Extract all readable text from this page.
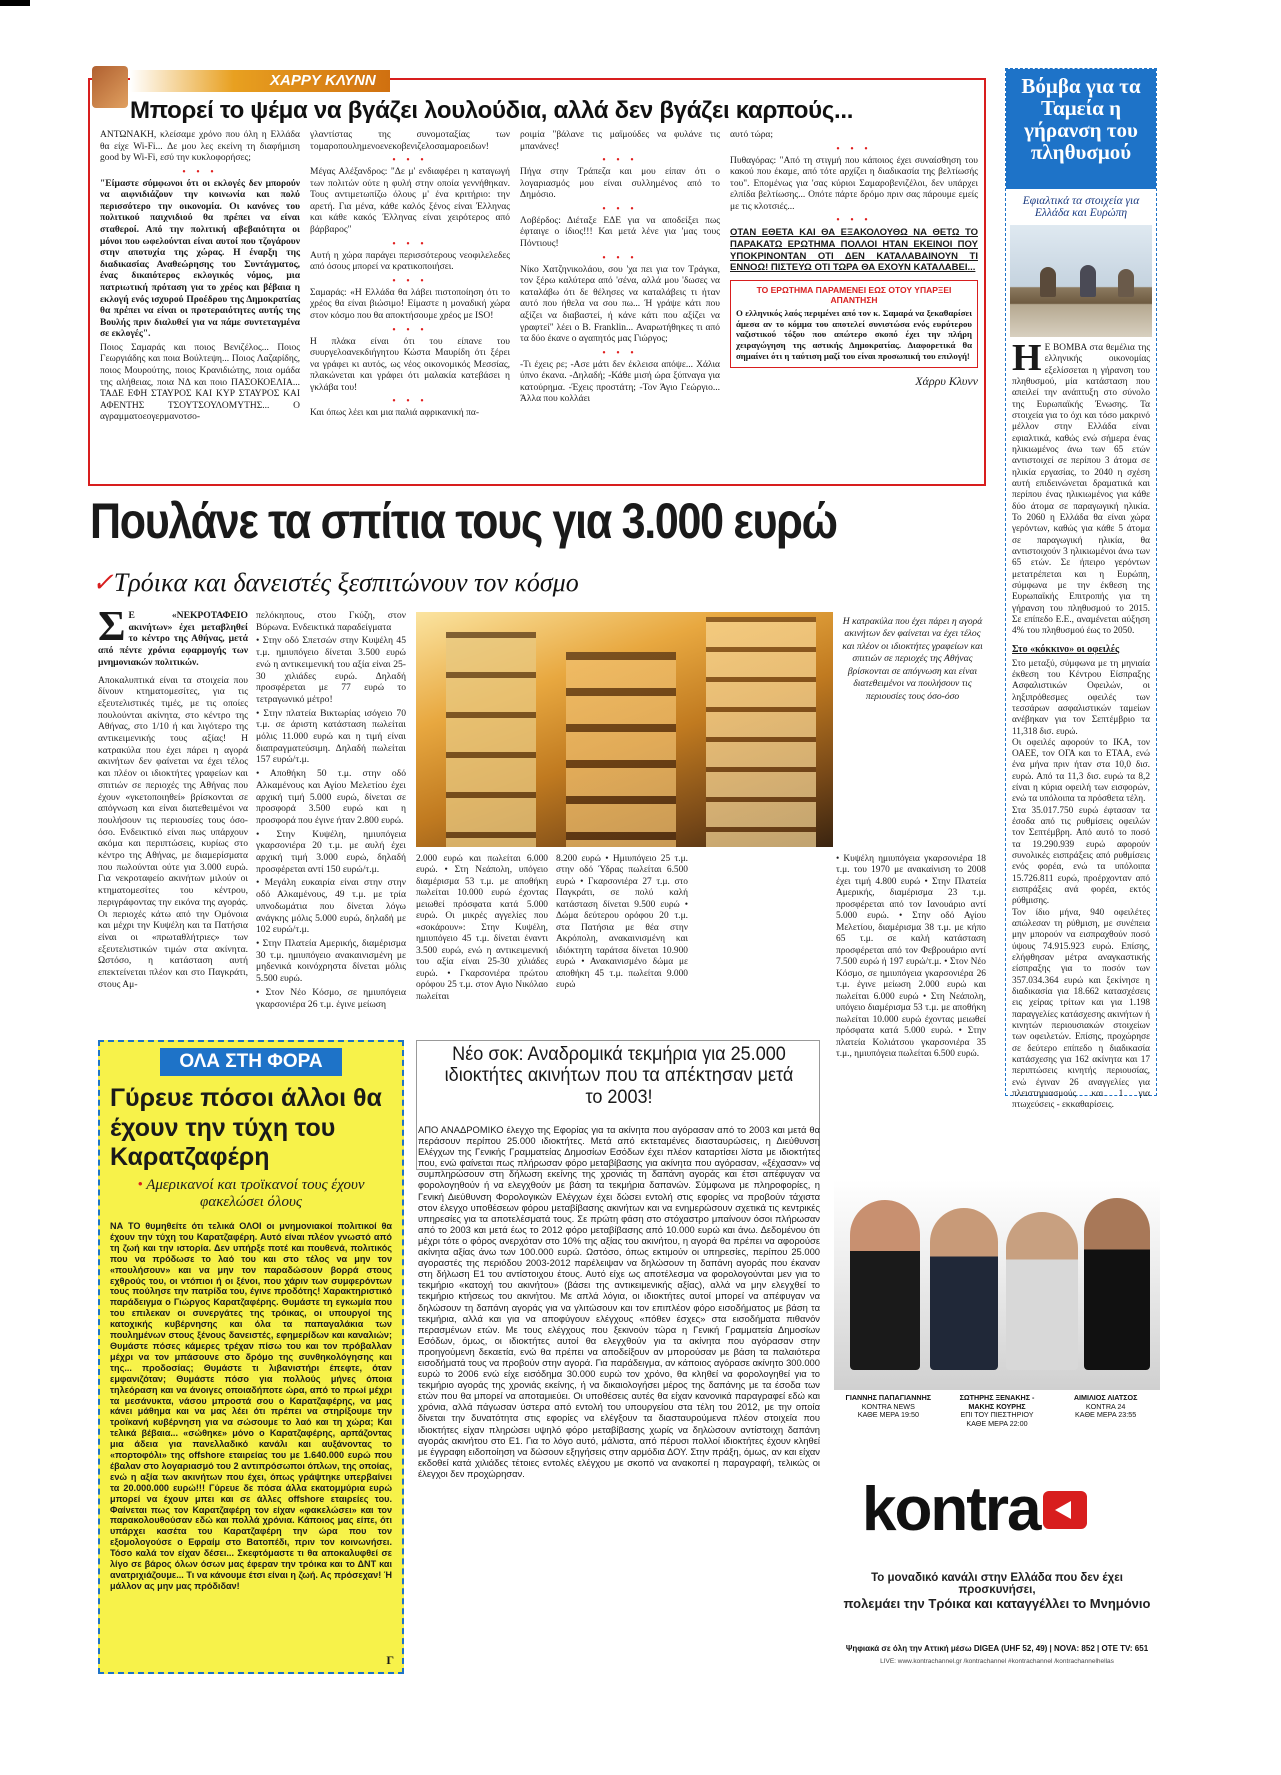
ΧΑΡΡΥ ΚΛΥΝΝ
Μπορεί το ψέμα να βγάζει λουλούδια, αλλά δεν βγάζει καρπούς...

ΑΝΤΩΝΑΚΗ, κλείσαμε χρόνο που όλη η Ελλάδα θα είχε Wi-Fi... Δε μου λες εκείνη τη διαφήμιση good by Wi-Fi, εσύ την κυκλοφορήσες;

• • •

"Είμαστε σύμφωνοι ότι οι εκλογές δεν μπορούν να αιφνιδιάζουν την κοινωνία και πολύ περισσότερο την οικονομία. Οι κανόνες του πολιτικού παιχνιδιού θα πρέπει να είναι σταθεροί. Από την πολιτική αβεβαιότητα οι μόνοι που ωφελούνται είναι αυτοί που τζογάρουν στην αποτυχία της χώρας. Η έναρξη της διαδικασίας Αναθεώρησης του Συντάγματος, ένας δικαιότερος εκλογικός νόμος, μια πατριωτική πρόταση για το χρέος και βέβαια η εκλογή ενός ισχυρού Προέδρου της Δημοκρατίας θα πρέπει να είναι οι προτεραιότητες αυτής της Βουλής πριν διαλυθεί για να πάμε συντεταγμένα σε εκλογές".

Ποιος Σαμαράς και ποιος Βενιζέλος... Ποιος Γεωργιάδης και ποια Βούλτεψη... Ποιος Λαζαρίδης, ποιος Μουρούτης, ποιος Κρανιδιώτης, ποια ομάδα της αλήθειας, ποια ΝΔ και ποιο ΠΑΣΟΚΟΕΛΙΑ... ΤΑΔΕ ΕΦΗ ΣΤΑΥΡΟΣ ΚΑΙ ΚΥΡ ΣΤΑΥΡΟΣ ΚΑΙ ΑΦΕΝΤΗΣ ΤΣΟΥΤΣΟΥΛΟΜΥΤΗΣ... Ο αγραμματοεογερμανοτσο-

γλαντίστας της συνομοταξίας των τομαροπουλημενοενεκοβενιζελοσαμαροειδων!

• • •

Μέγας Αλέξανδρος: "Δε μ' ενδιαφέρει η καταγωγή των πολιτών ούτε η φυλή στην οποία γεννήθηκαν. Τους αντιμετωπίζω όλους μ' ένα κριτήριο: την αρετή. Για μένα, κάθε καλός ξένος είναι Έλληνας και κάθε κακός Έλληνας είναι χειρότερος από βάρβαρος"

• • •

Αυτή η χώρα παράγει περισσότερους νεοφιλελεδες από όσους μπορεί να κρατικοποιήσει.

• • •

Σαμαράς: «Η Ελλάδα θα λάβει πιστοποίηση ότι το χρέος θα είναι βιώσιμο! Είμαστε η μοναδική χώρα στον κόσμο που θα αποκτήσουμε χρέος με ISO!

• • •

Η πλάκα είναι ότι του είπανε του συυργελοανεκδιήγητου Κώστα Μαυρίδη ότι ξέρει να γράφει κι αυτός, ως νέος οικονομικός Μεσσίας, πλακώνεται και γράφει ότι μαλακία κατεβάσει η γκλάβα του!

• • •

Και όπως λέει και μια παλιά αφρικανική πα-

ροιμία "βάλανε τις μαϊμούδες να φυλάνε τις μπανάνες!

• • •

Πήγα στην Τράπεζα και μου είπαν ότι ο λογαριασμός μου είναι συλλημένος από το Δημόσιο.

• • •

Λοβέρδος: Διέταξε ΕΔΕ για να αποδείξει πως έφταιγε ο ίδιος!!! Και μετά λένε για 'μας τους Πόντιους!

• • •

Νίκο Χατζηνικολάου, σου 'χα πει για τον Τράγκα, τον ξέρω καλύτερα από 'σένα, αλλά μου 'δωσες να καταλάβω ότι δε θέλησες να καταλάβεις τι ήταν αυτό που ήθελα να σου πω... Ή γράψε κάτι που αξίζει να διαβαστεί, ή κάνε κάτι που αξίζει να γραφτεί" λέει ο Β. Franklin... Αναρωτήθηκες τι από τα δύο έκανε ο αγαπητός μας Γιώργος;

• • •

-Τι έχεις ρε; -Ασε μάτι δεν έκλεισα απόψε... Χάλια ύπνο έκανα. -Δηλαδή; -Κάθε μισή ώρα ξύπναγα για κατούρημα. -Έχεις προστάτη; -Τον Άγιο Γεώργιο... Άλλα που κολλάει

αυτό τώρα;

• • •

Πυθαγόρας: "Από τη στιγμή που κάποιος έχει συναίσθηση του κακού που έκαμε, από τότε αρχίζει η διαδικασία της βελτίωσής του". Επομένως για 'σας κύριοι Σαμαροβενιζέλοι, δεν υπάρχει ελπίδα βελτίωσης... Οπότε πάρτε δρόμο πριν σας πάρουμε εμείς με τις κλοτσιές...

• • •

ΟΤΑΝ ΕΘΕΤΑ ΚΑΙ ΘΑ ΕΞΑΚΟΛΟΥΘΩ ΝΑ ΘΕΤΩ ΤΟ ΠΑΡΑΚΑΤΩ ΕΡΩΤΗΜΑ ΠΟΛΛΟΙ ΗΤΑΝ ΕΚΕΙΝΟΙ ΠΟΥ ΥΠΟΚΡΙΝΟΝΤΑΝ ΟΤΙ ΔΕΝ ΚΑΤΑΛΑΒΑΙΝΟΥΝ ΤΙ ΕΝΝΟΩ! ΠΙΣΤΕΥΩ ΟΤΙ ΤΩΡΑ ΘΑ ΕΧΟΥΝ ΚΑΤΑΛΑΒΕΙ...

ΤΟ ΕΡΩΤΗΜΑ ΠΑΡΑΜΕΝΕΙ ΕΩΣ ΟΤΟΥ ΥΠΑΡΞΕΙ ΑΠΑΝΤΗΣΗ

Ο ελληνικός λαός περιμένει από τον κ. Σαμαρά να ξεκαθαρίσει άμεσα αν το κόμμα του αποτελεί συνιστώσα ενός ευρύτερου ναζιστικού τόξου που απώτερο σκοπό έχει την πλήρη χειραγώγηση της αστικής Δημοκρατίας. Διαφορετικά θα σημαίνει ότι η ταύτιση μαζί του είναι προσωπική του επιλογή!

Χάρρυ Κλυνν
Βόμβα για τα Ταμεία η γήρανση του πληθυσμού
Εφιαλτικά τα στοιχεία για Ελλάδα και Ευρώπη
Η Ε ΒΟΜΒΑ στα θεμέλια της ελληνικής οικονομίας εξελίσσεται η γήρανση του πληθυσμού, μία κατάσταση που απειλεί την ανάπτυξη στο σύνολο της Ευρωπαϊκής Ένωσης. Τα στοιχεία για το όχι και τόσο μακρινό μέλλον στην Ελλάδα είναι εφιαλτικά, καθώς ενώ σήμερα ένας ηλικιωμένος άνω των 65 ετών αντιστοιχεί σε περίπου 3 άτομα σε ηλικία εργασίας, το 2040 η σχέση αυτή επιδεινώνεται δραματικά και περίπου ένας ηλικιωμένος για κάθε δύο άτομα σε παραγωγική ηλικία. Το 2060 η Ελλάδα θα είναι χώρα γερόντων, καθώς για κάθε 5 άτομα σε παραγωγική ηλικία, θα αντιστοιχούν 3 ηλικιωμένοι άνω των 65 ετών. Σε ήπειρο γερόντων μετατρέπεται και η Ευρώπη, σύμφωνα με την έκθεση της Ευρωπαϊκής Επιτροπής για τη γήρανση του πληθυσμού το 2015. Σε επίπεδο Ε.Ε., αναμένεται αύξηση 4% του πληθυσμού έως το 2050.
Στο «κόκκινο» οι οφειλές

Στο μεταξύ, σύμφωνα με τη μηνιαία έκθεση του Κέντρου Είσπραξης Ασφαλιστικών Οφειλών, οι ληξιπρόθεσμες οφειλές των τεσσάρων ασφαλιστικών ταμείων ανέβηκαν για τον Σεπτέμβριο τα 11,318 δισ. ευρώ.

Οι οφειλές αφορούν το ΙΚΑ, τον ΟΑΕΕ, τον ΟΓΑ και το ΕΤΑΑ, ενώ ένα μήνα πριν ήταν στα 10,0 δισ. ευρώ. Από τα 11,3 δισ. ευρώ τα 8,2 είναι η κύρια οφειλή των εισφορών, ενώ τα υπόλοιπα τα πρόσθετα τέλη.

Στα 35.017.750 ευρώ έφτασαν τα έσοδα από τις ρυθμίσεις οφειλών τον Σεπτέμβρη. Από αυτό το ποσό τα 19.290.939 ευρώ αφορούν συνολικές εισπράξεις από ρυθμίσεις ενός φορέα, ενώ τα υπόλοιπα 15.726.811 ευρώ, προέρχονταν από εισπράξεις ανά φορέα, εκτός ρύθμισης.

Τον ίδιο μήνα, 940 οφειλέτες απώλεσαν τη ρύθμιση, με συνέπεια μην μπορούν να εισπραχθούν ποσό ύψους 74.915.923 ευρώ. Επίσης, ελήφθησαν μέτρα αναγκαστικής είσπραξης για το ποσόν των 357.034.364 ευρώ και ξεκίνησε η διαδικασία για 18.662 κατασχέσεις εις χείρας τρίτων και για 1.198 παραγγελίες κατάσχεσης ακινήτων ή κινητών περιουσιακών στοιχείων των οφειλετών. Επίσης, προχώρησε σε δεύτερο επίπεδο η διαδικασία κατάσχεσης για 162 ακίνητα και 17 περιπτώσεις κινητής περιουσίας, ενώ έγιναν 26 αναγγελίες για πλειστηριασμούς και 1 για πτωχεύσεις - εκκαθαρίσεις.

Πουλάνε τα σπίτια τους για 3.000 ευρώ
✓Τρόικα και δανειστές ξεσπιτώνουν τον κόσμο

Σ Ε «ΝΕΚΡΟΤΑΦΕΙΟ ακινήτων» έχει μεταβληθεί το κέντρο της Αθήνας, μετά από πέντε χρόνια εφαρμογής των μνημονιακών πολιτικών.

Αποκαλυπτικά είναι τα στοιχεία που δίνουν κτηματομεσίτες, για τις εξευτελιστικές τιμές, με τις οποίες πουλούνται ακίνητα, στο κέντρο της Αθήνας, στο 1/10 ή και λιγότερο της αντικειμενικής τους αξίας! Η κατρακύλα που έχει πάρει η αγορά ακινήτων δεν φαίνεται να έχει τέλος και πλέον οι ιδιοκτήτες γραφείων και σπιτιών σε περιοχές της Αθήνας που έχουν «γκετοποιηθεί» βρίσκονται σε απόγνωση και είναι διατεθειμένοι να πουλήσουν τις περιουσίες τους όσο-όσο. Ενδεικτικό είναι πως υπάρχουν ακόμα και περιπτώσεις, κυρίως στο κέντρο της Αθήνας, με διαμερίσματα που πωλούνται ούτε για 3.000 ευρώ. Για νεκροταφείο ακινήτων μιλούν οι κτηματομεσίτες του κέντρου, περιγράφοντας την εικόνα της αγοράς. Οι περιοχές κάτω από την Ομόνοια και μέχρι την Κυψέλη και τα Πατήσια είναι οι «πρωταθλήτριες» των εξευτελιστικών τιμών στα ακίνητα. Ωστόσο, η κατάσταση αυτή επεκτείνεται πλέον και στο Παγκράτι, στους Αμ-

πελόκηπους, στου Γκύζη, στον Βύρωνα. Ενδεικτικά παραδείγματα

• Στην οδό Σπετσών στην Κυψέλη 45 τ.μ. ημιυπόγειο δίνεται 3.500 ευρώ ενώ η αντικειμενική του αξία είναι 25-30 χιλιάδες ευρώ. Δηλαδή προσφέρεται με 77 ευρώ το τετραγωνικό μέτρο!

• Στην πλατεία Βικτωρίας ισόγειο 70 τ.μ. σε άριστη κατάσταση πωλείται μόλις 11.000 ευρώ και η τιμή είναι διαπραγματεύσιμη. Δηλαδή πωλείται 157 ευρώ/τ.μ.

• Αποθήκη 50 τ.μ. στην οδό Αλκαμένους και Αγίου Μελετίου έχει αρχική τιμή 5.000 ευρώ, δίνεται σε προσφορά 3.500 ευρώ και η προσφορά που έγινε ήταν 2.800 ευρώ.

• Στην Κυψέλη, ημιυπόγεια γκαρσονιέρα 20 τ.μ. με αυλή έχει αρχική τιμή 3.000 ευρώ, δηλαδή προσφέρεται αντί 150 ευρώ/τ.μ.

• Μεγάλη ευκαιρία είναι στην στην οδό Αλκαμένους, 49 τ.μ. με τρία υπνοδωμάτια που δίνεται λόγω ανάγκης μόλις 5.000 ευρώ, δηλαδή με 102 ευρώ/τ.μ.

• Στην Πλατεία Αμερικής, διαμέρισμα 30 τ.μ. ημιυπόγειο ανακαινισμένη με μηδενικά κοινόχρηστα δίνεται μόλις 5.500 ευρώ.

• Στον Νέο Κόσμο, σε ημιυπόγεια γκαρσονιέρα 26 τ.μ. έγινε μείωση

Η κατρακύλα που έχει πάρει η αγορά ακινήτων δεν φαίνεται να έχει τέλος και πλέον οι ιδιοκτήτες γραφείων και σπιτιών σε περιοχές της Αθήνας βρίσκονται σε απόγνωση και είναι διατεθειμένοι να πουλήσουν τις περιουσίες τους όσο-όσο
2.000 ευρώ και πωλείται 6.000 ευρώ. • Στη Νεάπολη, υπόγειο διαμέρισμα 53 τ.μ. με αποθήκη πωλείται 10.000 ευρώ έχοντας μειωθεί πρόσφατα κατά 5.000 ευρώ. Οι μικρές αγγελίες που «σοκάρουν»: Στην Κυψέλη, ημιυπόγειο 45 τ.μ. δίνεται έναντι 3.500 ευρώ, ενώ η αντικειμενική του αξία είναι 25-30 χιλιάδες ευρώ. • Γκαρσονιέρα πρώτου ορόφου 25 τ.μ. στον Αγιο Νικόλαο πωλείται
8.200 ευρώ • Ημιυπόγειο 25 τ.μ. στην οδό Ύδρας πωλείται 6.500 ευρώ • Γκαρσονιέρα 27 τ.μ. στο Παγκράτι, σε πολύ καλή κατάσταση δίνεται 9.500 ευρώ • Δώμα δεύτερου ορόφου 20 τ.μ. στα Πατήσια με θέα στην Ακρόπολη, ανακαινισμένη και ιδιόκτητη ταράτσα δίνεται 10.900 ευρώ • Ανακαινισμένο δώμα με αποθήκη 45 τ.μ. πωλείται 9.000 ευρώ
• Κυψέλη ημιυπόγεια γκαρσονιέρα 18 τ.μ. του 1970 με ανακαίνιση το 2008 έχει τιμή 4.800 ευρώ • Στην Πλατεία Αμερικής, διαμέρισμα 23 τ.μ. προσφέρεται από τον Ιανουάριο αντί 5.000 ευρώ. • Στην οδό Αγίου Μελετίου, διαμέρισμα 38 τ.μ. με κήπο 65 τ.μ. σε καλή κατάσταση προσφέρεται από τον Φεβρουάριο αντί 7.500 ευρώ ή 197 ευρώ/τ.μ. • Στον Νέο Κόσμο, σε ημιυπόγεια γκαρσονιέρα 26 τ.μ. έγινε μείωση 2.000 ευρώ και πωλείται 6.000 ευρώ • Στη Νεάπολη, υπόγειο διαμέρισμα 53 τ.μ. με αποθήκη πωλείται 10.000 ευρώ έχοντας μειωθεί πρόσφατα κατά 5.000 ευρώ. • Στην πλατεία Κολιάτσου γκαρσονιέρα 35 τ.μ., ημιυπόγεια πωλείται 6.500 ευρώ.
Νέο σοκ: Αναδρομικά τεκμήρια για 25.000 ιδιοκτήτες ακινήτων που τα απέκτησαν μετά το 2003!
ΑΠΟ ΑΝΑΔΡΟΜΙΚΟ έλεγχο της Εφορίας για τα ακίνητα που αγόρασαν από το 2003 και μετά θα περάσουν περίπου 25.000 ιδιοκτήτες. Μετά από εκτεταμένες διασταυρώσεις, η Διεύθυνση Ελέγχων της Γενικής Γραμματείας Δημοσίων Εσόδων έχει πλέον καταρτίσει λίστα με ιδιοκτήτες που, ενώ φαίνεται πως πλήρωσαν φόρο μεταβίβασης για ακίνητα που αγόρασαν, «ξέχασαν» να συμπληρώσουν στη δήλωση εκείνης της χρονιάς τη δαπάνη αγοράς και έτσι απέφυγαν να φορολογηθούν ή να ελεγχθούν με βάση τα τεκμήρια δαπανών. Σύμφωνα με πληροφορίες, η Γενική Διεύθυνση Φορολογικών Ελέγχων έχει δώσει εντολή στις εφορίες να προβούν τάχιστα στον έλεγχο υποθέσεων φόρου μεταβίβασης ακινήτων και να ενημερώσουν σχετικά τις κεντρικές υπηρεσίες για τα αποτελέσματά τους. Σε πρώτη φάση στο στόχαστρο μπαίνουν όσοι πλήρωσαν από το 2003 και μετά έως το 2012 φόρο μεταβίβασης από 10.000 ευρώ και άνω. Δεδομένου ότι μέχρι τότε ο φόρος ανερχόταν στο 10% της αξίας του ακινήτου, η αγορά θα πρέπει να αφορούσε ακίνητα αξίας άνω των 100.000 ευρώ. Ωστόσο, όπως εκτιμούν οι υπηρεσίες, περίπου 25.000 αγοραστές της περιόδου 2003-2012 παρέλειψαν να δηλώσουν τη δαπάνη αγοράς που έκαναν στη δήλωση Ε1 του αντίστοιχου έτους. Αυτό είχε ως αποτέλεσμα να φορολογούνται μεν για το τεκμήριο «κατοχή του ακινήτου» (βάσει της αντικειμενικής αξίας), αλλά να μην ελεγχθεί το τεκμήριο κτήσεως του ακινήτου. Με απλά λόγια, οι ιδιοκτήτες αυτοί μπορεί να απέφυγαν να δηλώσουν τη δαπάνη αγοράς για να γλιτώσουν και τον επιπλέον φόρο εισοδήματος με βάση τα τεκμήρια, αλλά και για να αποφύγουν ελέγχους «πόθεν έσχες» στα εισοδήματα πιθανόν περασμένων ετών. Με τους ελέγχους που ξεκινούν τώρα η Γενική Γραμματεία Δημοσίων Εσόδων, όμως, οι ιδιοκτήτες αυτοί θα ελεγχθούν για τα ακίνητα που αγόρασαν στην προηγούμενη δεκαετία, ενώ θα πρέπει να αποδείξουν αν μπορούσαν με βάση τα παλαιότερα εισοδήματά τους να προβούν στην αγορά. Για παράδειγμα, αν κάποιος αγόρασε ακίνητο 300.000 ευρώ το 2006 ενώ είχε εισόδημα 30.000 ευρώ τον χρόνο, θα κληθεί να φορολογηθεί για το τεκμήριο αγοράς της χρονιάς εκείνης, ή να δικαιολογήσει μέρος της δαπάνης με τα έσοδα των ετών που θα μπορεί να αποταμιεύει. Οι υποθέσεις αυτές θα είχαν κανονικά παραγραφεί εδώ και χρόνια, αλλά πάγωσαν ύστερα από εντολή του υπουργείου στα τέλη του 2012, με την οποία δίνεται την δυνατότητα στις εφορίες να ελέγξουν τα διασταυρούμενα πλέον στοιχεία που ιδιοκτήτες είχαν πληρώσει υψηλό φόρο μεταβίβασης χωρίς να δηλώσουν αντίστοιχη δαπάνη αγοράς ακινήτου στο Ε1. Για το λόγο αυτό, μάλιστα, από πέρυσι πολλοί ιδιοκτήτες έχουν κληθεί με έγγραφη ειδοποίηση να δώσουν εξηγήσεις στην αρμόδια ΔΟΥ. Στην πράξη, όμως, αν και είχαν εκδοθεί κατά χιλιάδες τέτοιες εντολές ελέγχου με σκοπό να ανακοπεί η παραγραφή, τελικώς οι έλεγχοι δεν προχώρησαν.
ΟΛΑ ΣΤΗ ΦΟΡΑ
Γύρευε πόσοι άλλοι θα έχουν την τύχη του Καρατζαφέρη
• Αμερικανοί και τροϊκανοί τους έχουν φακελώσει όλους
ΝΑ ΤΟ θυμηθείτε ότι τελικά ΟΛΟΙ οι μνημονιακοί πολιτικοί θα έχουν την τύχη του Καρατζαφέρη. Αυτό είναι πλέον γνωστό από τη ζωή και την ιστορία. Δεν υπήρξε ποτέ και πουθενά, πολιτικός που να πρόδωσε το λαό του και στο τέλος να μην τον «πουλήσουν» και να μην τον παραδώσουν βορρά στους εχθρούς του, οι ντόπιοι ή οι ξένοι, που χάριν των συμφερόντων τους πούλησε την πατρίδα του, έγινε προδότης! Χαρακτηριστικό παράδειγμα ο Γιώργος Καρατζαφέρης. Θυμάστε τη εγκωμία που του επιλεκαν οι συνεργάτες της τρόικας, οι υπουργοί της κατοχικής κυβέρνησης και όλα τα παπαγαλάκια των πουλημένων στους ξένους δανειστές, εφημερίδων και καναλιών; Θυμάστε πόσες κάμερες τρέχαν πίσω του και τον πρόβαλλαν μέχρι να τον μπάσουνε στο δρόμο της συνθηκολόγησης και της... προδοσίας; Θυμάστε τι λιβανιστήρι έπεφτε, όταν εμφανιζόταν; Θυμάστε πόσο για πολλούς μήνες όποια τηλεόραση και να άνοιγες οποιαδήποτε ώρα, από το πρωί μέχρι τα μεσάνυκτα, νάσου μπροστά σου ο Καρατζαφέρης, να μας κάνει μάθημα και να μας λέει ότι πρέπει να στηρίξουμε την τροϊκανή κυβέρνηση για να σώσουμε το λαό και τη χώρα; Και τελικά βέβαια... «σώθηκε» μόνο ο Καρατζαφέρης, αρπάζοντας μια άδεια για πανελλαδικό κανάλι και αυξάνοντας το «πορτοφόλι» της offshore εταιρείας του με 1.640.000 ευρώ που έβαλαν στο λογαριασμό του 2 αντιπρόσωποι όπλων, της οποίας, ενώ η αξία των ακινήτων που έχει, όπως γράψτηκε υπερβαίνει τα 20.000.000 ευρώ!!! Γύρευε δε πόσα άλλα εκατομμύρια ευρώ μπορεί να έχουν μπει και σε άλλες offshore εταιρείες του. Φαίνεται πως τον Καρατζαφέρη τον είχαν «φακελώσει» και τον παρακολουθούσαν εδώ και πολλά χρόνια. Κάποιος μας είπε, ότι υπάρχει κασέτα του Καρατζαφέρη την ώρα που τον εξομολογούσε ο Εφραίμ στο Βατοπέδι, πριν τον κοινωνήσει. Τόσο καλά τον είχαν δέσει... Σκεφτόμαστε τι θα αποκαλυφθεί σε λίγο σε βάρος όλων όσων μας έφεραν την τρόικα και το ΔΝΤ και ανατριχιάζουμε... Τι να κάνουμε έτσι είναι η ζωή. Ας πρόσεχαν! Ή μάλλον ας μην μας πρόδιδαν!
Γ
ΓΙΑΝΝΗΣ ΠΑΠΑΓΙΑΝΝΗΣ
KONTRA NEWS
ΚΑΘΕ ΜΕΡΑ 19:50
ΣΩΤΗΡΗΣ ΞΕΝΑΚΗΣ - ΜΑΚΗΣ ΚΟΥΡΗΣ
ΕΠΙ ΤΟΥ ΠΙΕΣΤΗΡΙΟΥ
ΚΑΘΕ ΜΕΡΑ 22:00
ΑΙΜΙΛΙΟΣ ΛΙΑΤΣΟΣ
KONTRA 24
ΚΑΘΕ ΜΕΡΑ 23:55
kontra
Το μοναδικό κανάλι στην Ελλάδα που δεν έχει προσκυνήσει,
πολεμάει την Τρόικα και καταγγέλλει το Μνημόνιο
Ψηφιακά σε όλη την Αττική μέσω DIGEA (UHF 52, 49) | NOVA: 852 | OTE TV: 651
LIVE: www.kontrachannel.gr /kontrachannel #kontrachannel /kontrachannelhellas
